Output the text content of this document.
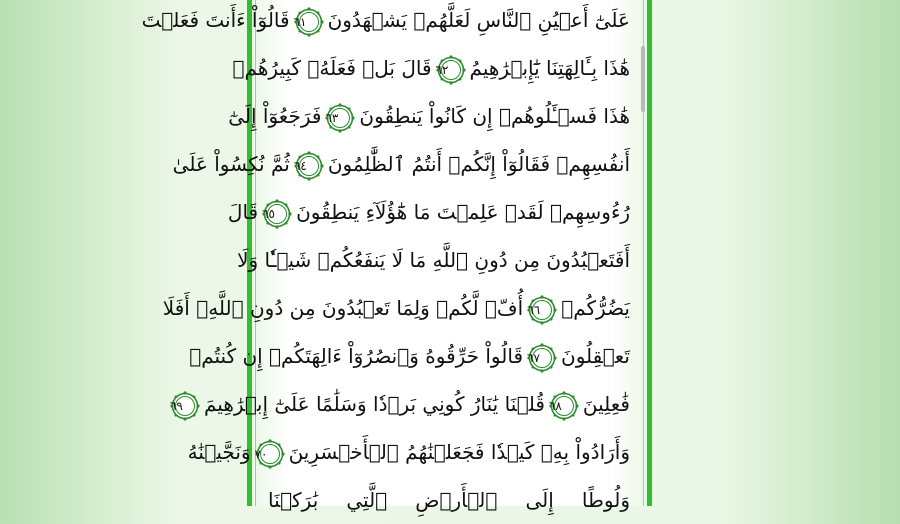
عَلَىٰٓ أَعۡيُنِ ٱلنَّاسِ لَعَلَّهُمۡ يَشۡهَدُونَ
٦١قَالُوٓاْ ءَأَنتَ فَعَلۡتَ
هَٰذَا بِـَٔالِهَتِنَا يَٰٓإِبۡرَٰهِيمُ
٦٢قَالَ بَلۡ فَعَلَهُۥ كَبِيرُهُمۡ
هَٰذَا فَسۡـَٔلُوهُمۡ إِن كَانُواْ يَنطِقُونَ
٦٣فَرَجَعُوٓاْ إِلَىٰٓ
أَنفُسِهِمۡ فَقَالُوٓاْ إِنَّكُمۡ أَنتُمُ ٱلظَّٰلِمُونَ
٦٤ثُمَّ نُكِسُواْ عَلَىٰ
رُءُوسِهِمۡ لَقَدۡ عَلِمۡتَ مَا هَٰٓؤُلَآءِ يَنطِقُونَ
٦٥قَالَ
أَفَتَعۡبُدُونَ مِن دُونِ ٱللَّهِ مَا لَا يَنفَعُكُمۡ شَيۡـٔٗا وَلَا
يَضُرُّكُمۡ
٦٦أُفّٖ لَّكُمۡ وَلِمَا تَعۡبُدُونَ مِن دُونِ ٱللَّهِۚ أَفَلَا
تَعۡقِلُونَ
٦٧قَالُواْ حَرِّقُوهُ وَٱنصُرُوٓاْ ءَالِهَتَكُمۡ إِن كُنتُمۡ
فَٰعِلِينَ
٦٨قُلۡنَا يَٰنَارُ كُونِي بَرۡدٗا وَسَلَٰمًا عَلَىٰٓ إِبۡرَٰهِيمَ
٦٩
وَأَرَادُواْ بِهِۦ كَيۡدٗا فَجَعَلۡنَٰهُمُ ٱلۡأَخۡسَرِينَ
٧٠وَنَجَّيۡنَٰهُ
وَلُوطًا إِلَى ٱلۡأَرۡضِ ٱلَّتِي بَٰرَكۡنَا
